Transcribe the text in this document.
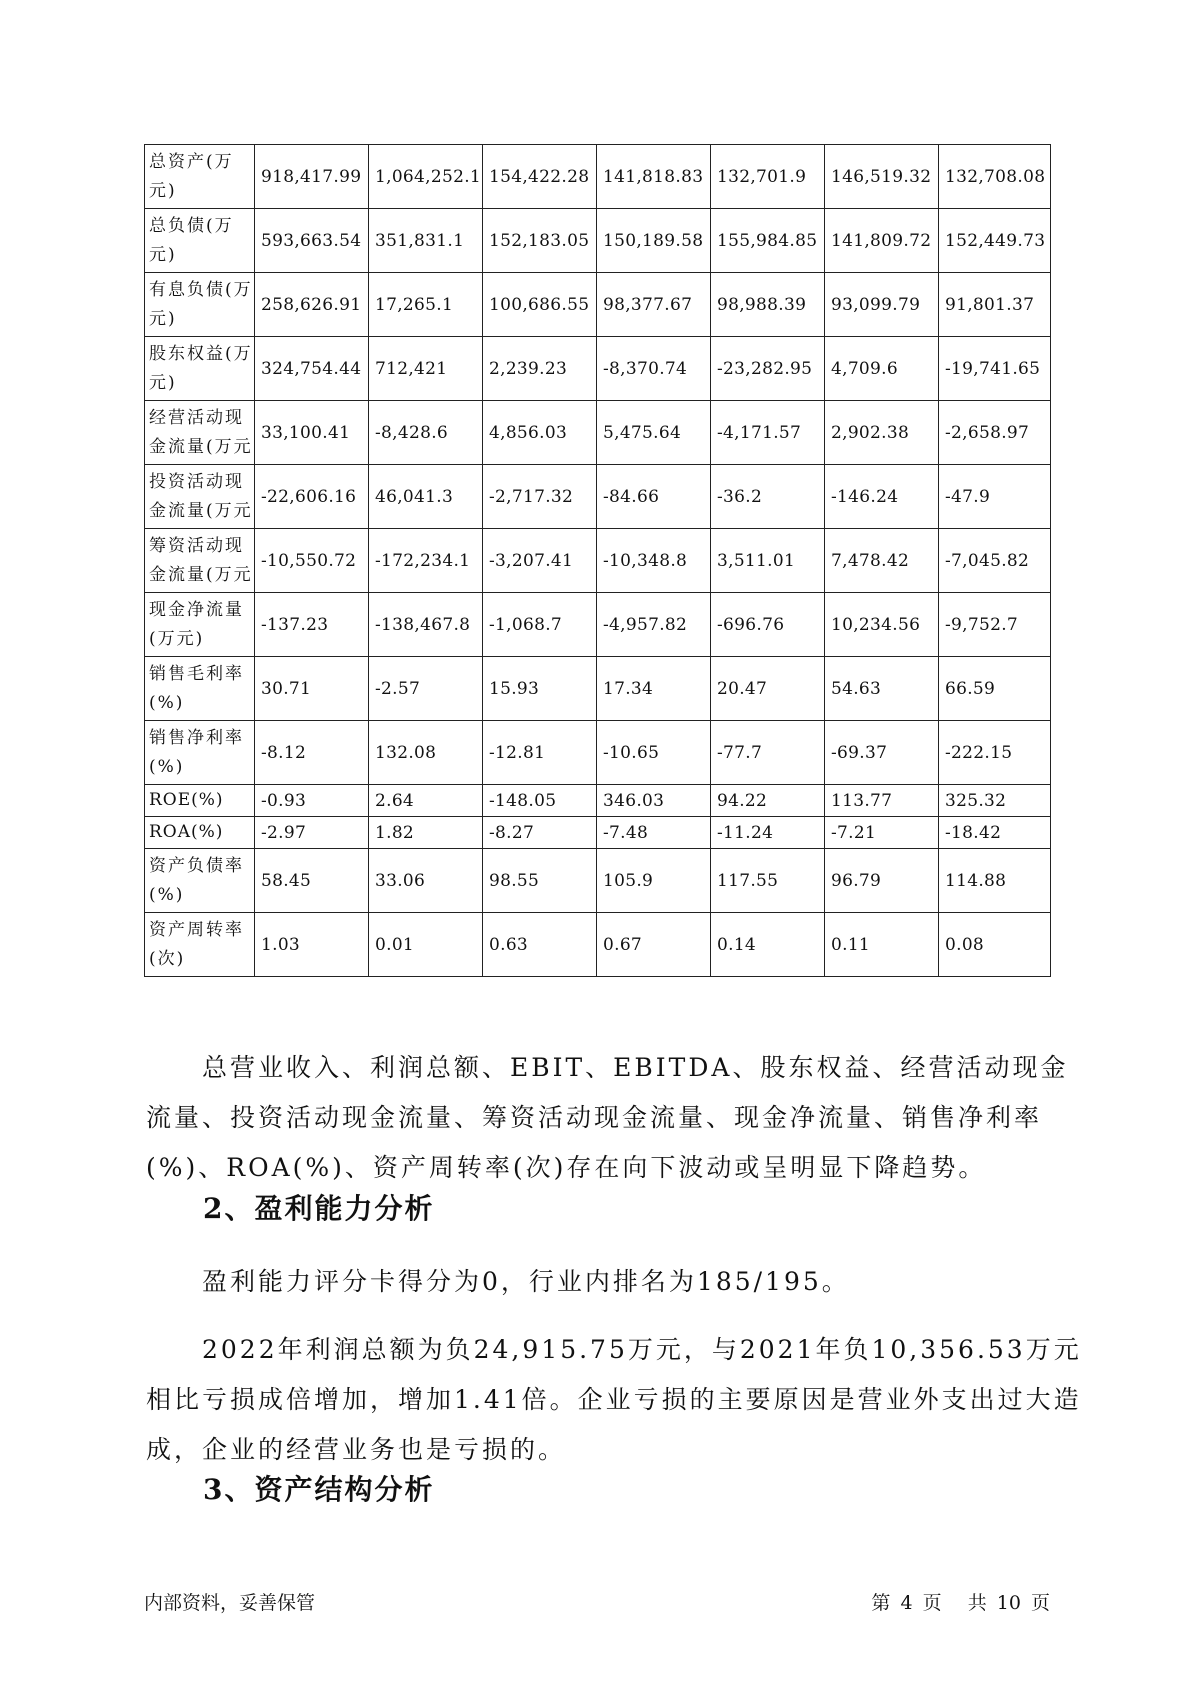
总资产(万元)	918,417.99	1,064,252.1	154,422.28	141,818.83	132,701.9	146,519.32	132,708.08
总负债(万元)	593,663.54	351,831.1	152,183.05	150,189.58	155,984.85	141,809.72	152,449.73
有息负债(万元)	258,626.91	17,265.1	100,686.55	98,377.67	98,988.39	93,099.79	91,801.37
股东权益(万元)	324,754.44	712,421	2,239.23	-8,370.74	-23,282.95	4,709.6	-19,741.65
经营活动现金流量(万元	33,100.41	-8,428.6	4,856.03	5,475.64	-4,171.57	2,902.38	-2,658.97
投资活动现金流量(万元	-22,606.16	46,041.3	-2,717.32	-84.66	-36.2	-146.24	-47.9
筹资活动现金流量(万元	-10,550.72	-172,234.1	-3,207.41	-10,348.8	3,511.01	7,478.42	-7,045.82
现金净流量(万元)	-137.23	-138,467.8	-1,068.7	-4,957.82	-696.76	10,234.56	-9,752.7
销售毛利率(%)	30.71	-2.57	15.93	17.34	20.47	54.63	66.59
销售净利率(%)	-8.12	132.08	-12.81	-10.65	-77.7	-69.37	-222.15
ROE(%)	-0.93	2.64	-148.05	346.03	94.22	113.77	325.32
ROA(%)	-2.97	1.82	-8.27	-7.48	-11.24	-7.21	-18.42
资产负债率(%)	58.45	33.06	98.55	105.9	117.55	96.79	114.88
资产周转率(次)	1.03	0.01	0.63	0.67	0.14	0.11	0.08

总营业收入、利润总额、EBIT、EBITDA、股东权益、经营活动现金流量、投资活动现金流量、筹资活动现金流量、现金净流量、销售净利率(%)、ROA(%)、资产周转率(次)存在向下波动或呈明显下降趋势。

2、盈利能力分析

盈利能力评分卡得分为0，行业内排名为185/195。

2022年利润总额为负24,915.75万元，与2021年负10,356.53万元相比亏损成倍增加，增加1.41倍。企业亏损的主要原因是营业外支出过大造成，企业的经营业务也是亏损的。

3、资产结构分析
内部资料，妥善保管	第 4 页 共 10 页
